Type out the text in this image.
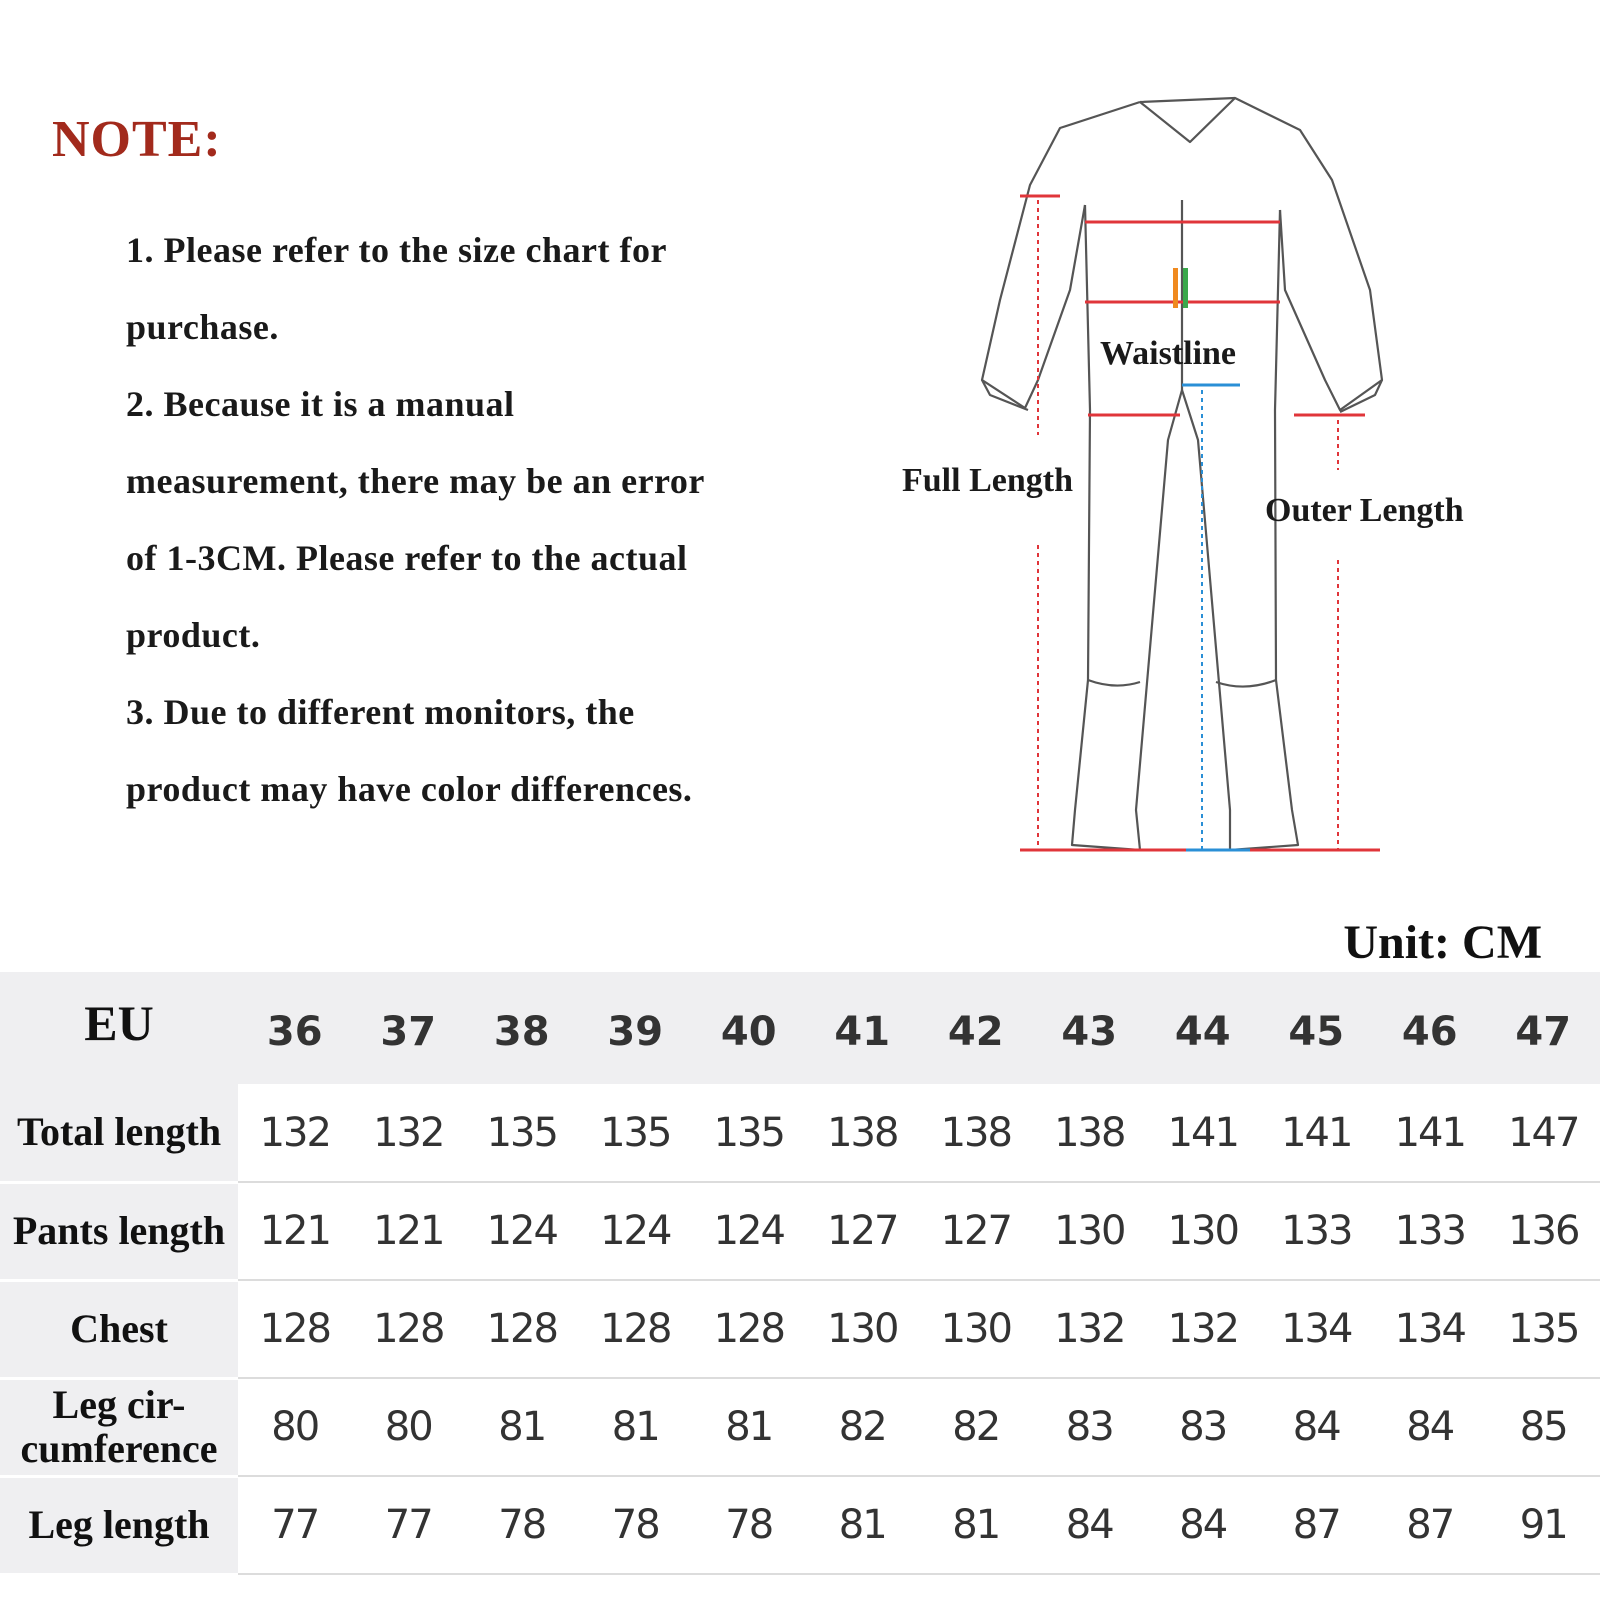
NOTE:
1. Please refer to the size chart for
purchase.
2. Because it is a manual
measurement, there may be an error
of 1-3CM. Please refer to the actual
product.
3. Due to different monitors, the
product may have color differences.
Waistline
Full Length
Outer Length
Unit: CM
EU	36	37	38	39	40	41	42	43	44	45	46	47
Total length	132	132	135	135	135	138	138	138	141	141	141	147
Pants length	121	121	124	124	124	127	127	130	130	133	133	136
Chest	128	128	128	128	128	130	130	132	132	134	134	135
Leg cir-
cumference	80	80	81	81	81	82	82	83	83	84	84	85
Leg length	77	77	78	78	78	81	81	84	84	87	87	91
